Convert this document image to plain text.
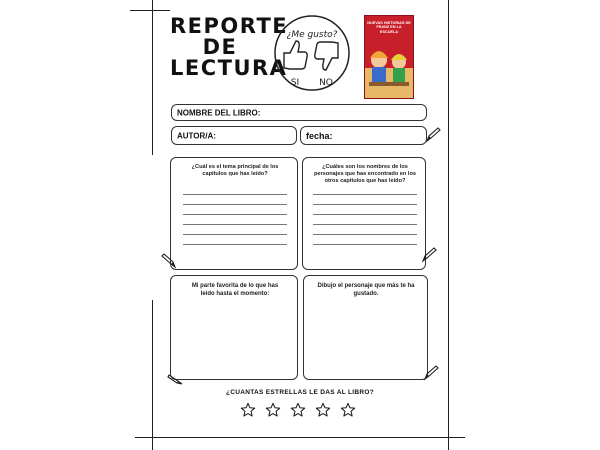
REPORTE
DE
LECTURA
¿Me gusto?
SI NO
NUEVAS HISTORIAS DE FRANZ EN LA ESCUELA
NOMBRE DEL LIBRO:
AUTOR/A:	fecha:
¿Cuál es el tema principal de los capítulos que has leído?
¿Cuáles son los nombres de los personajes que has encontrado en los otros capítulos que has leído?
Mi parte favorita de lo que has leído hasta el momento:
Dibujo el personaje que más te ha gustado.
¿CUANTAS ESTRELLAS LE DAS AL LIBRO?
